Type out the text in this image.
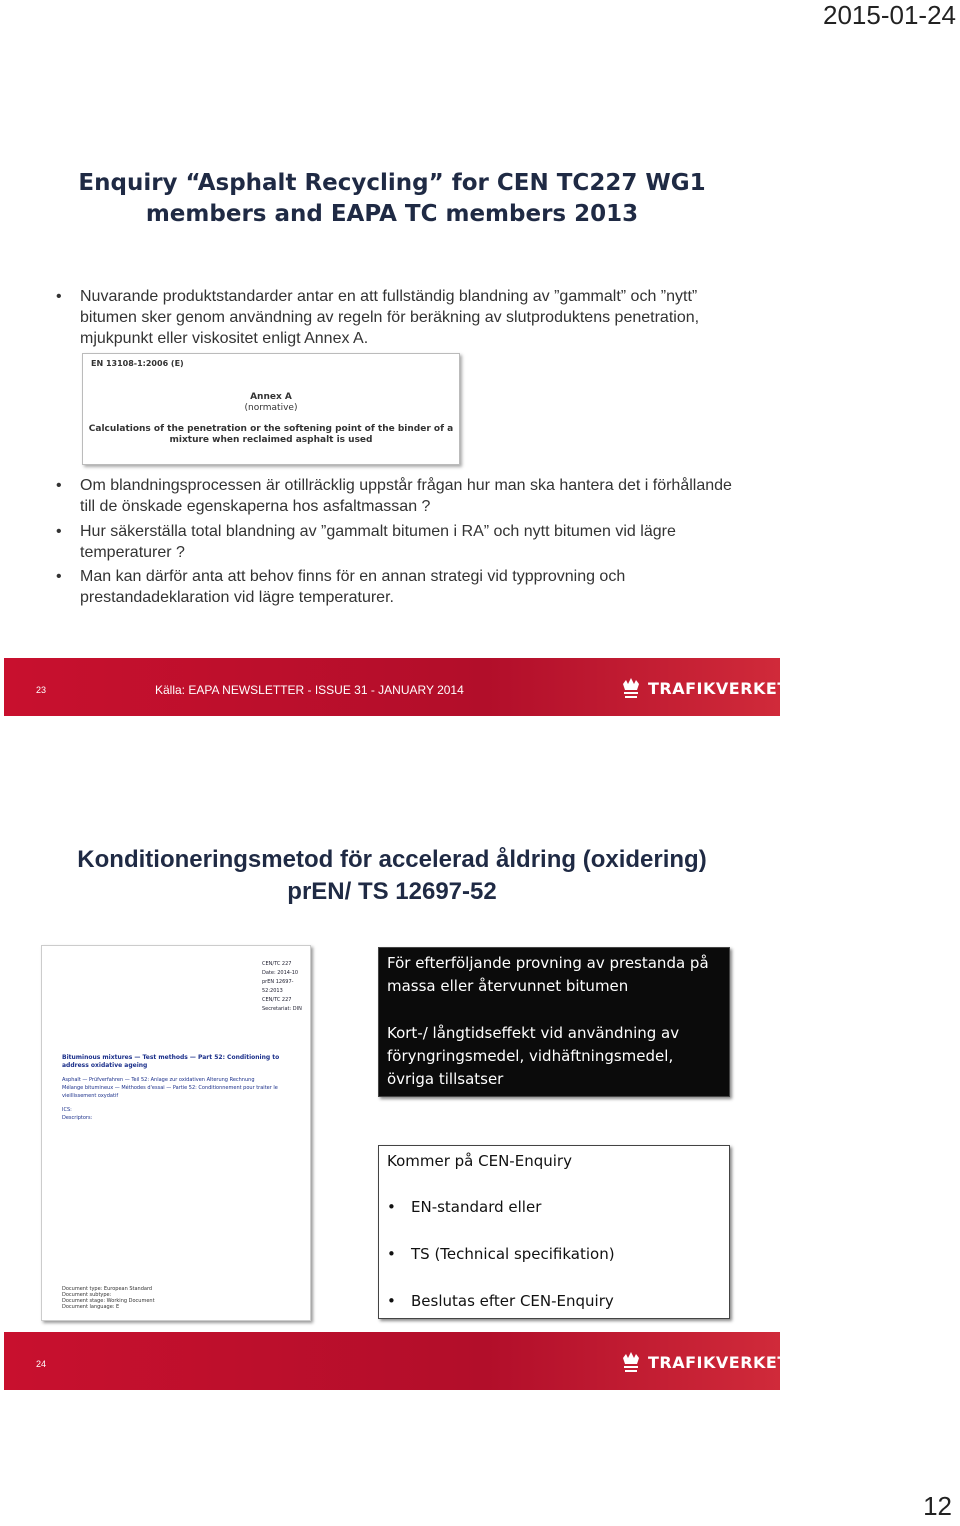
2015-01-24
Enquiry “Asphalt Recycling” for CEN TC227 WG1
members and EAPA TC members 2013
• Nuvarande produktstandarder antar en att fullständig blandning av ”gammalt” och ”nytt” bitumen sker genom användning av regeln för beräkning av slutproduktens penetration, mjukpunkt eller viskositet enligt Annex A.
EN 13108-1:2006 (E)
Annex A
(normative)
Calculations of the penetration or the softening point of the binder of a mixture when reclaimed asphalt is used
• Om blandningsprocessen är otillräcklig uppstår frågan hur man ska hantera det i förhållande till de önskade egenskaperna hos asfaltmassan ?
• Hur säkerställa total blandning av ”gammalt bitumen i RA” och nytt bitumen vid lägre temperaturer ?
• Man kan därför anta att behov finns för en annan strategi vid typprovning och prestandadeklaration vid lägre temperaturer.
23	Källa: EAPA NEWSLETTER - ISSUE 31 - JANUARY 2014	TRAFIKVERKET
Konditioneringsmetod för accelerad åldring (oxidering)
prEN/ TS 12697-52
CEN/TC 227
Date: 2014-10
prEN 12697-52:2013
CEN/TC 227
Secretariat: DIN
Bituminous mixtures — Test methods — Part 52: Conditioning to address oxidative ageing
Asphalt — Prüfverfahren — Teil 52: Anlage zur oxidativen Alterung Rechnung
Mélange bitumineux — Méthodes d'essai — Partie 52: Conditionnement pour traiter le vieillissement oxydatif
ICS:
Descriptors:
Document type: European Standard
Document subtype:
Document stage: Working Document
Document language: E
För efterföljande provning av prestanda på massa eller återvunnet bitumen
Kort-/ långtidseffekt vid användning av föryngringsmedel, vidhäftningsmedel, övriga tillsatser
Kommer på CEN-Enquiry
• EN-standard eller
• TS (Technical specifikation)
• Beslutas efter CEN-Enquiry
24	TRAFIKVERKET
12
